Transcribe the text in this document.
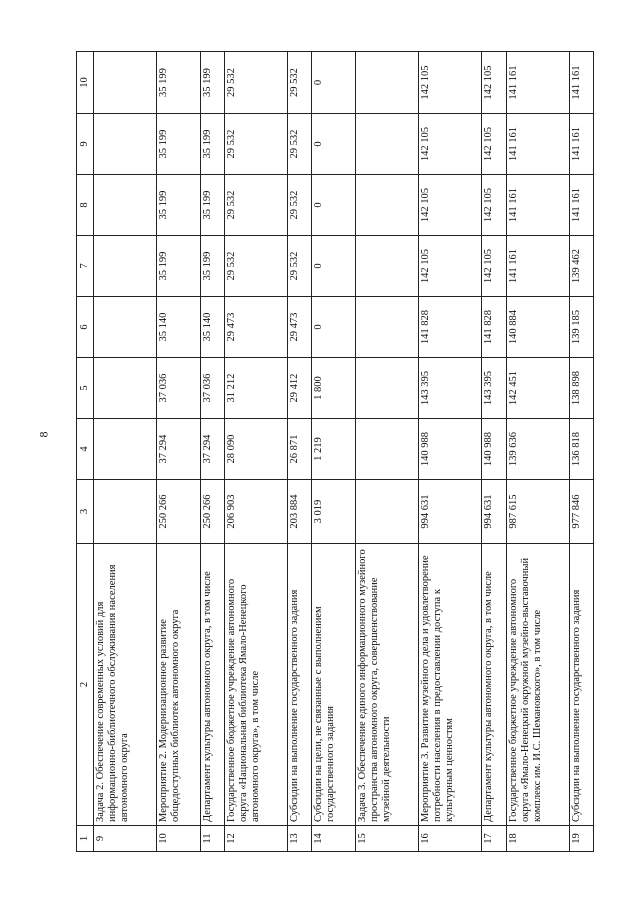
8
1	2	3	4	5	6	7	8	9	10
9	Задача 2. Обеспечение современных условий для информационно-библиотечного обслуживания населения автономного округа								
10	Мероприятие 2. Модернизационное развитие общедоступных библиотек автономного округа	250 266	37 294	37 036	35 140	35 199	35 199	35 199	35 199
11	Департамент культуры автономного округа, в том числе	250 266	37 294	37 036	35 140	35 199	35 199	35 199	35 199
12	Государственное бюджетное учреждение автономного округа «Национальная библиотека Ямало-Ненецкого автономного округа», в том числе	206 903	28 090	31 212	29 473	29 532	29 532	29 532	29 532
13	Субсидии на выполнение государственного задания	203 884	26 871	29 412	29 473	29 532	29 532	29 532	29 532
14	Субсидии на цели, не связанные с выполнением государственного задания	3 019	1 219	1 800	0	0	0	0	0
15	Задача 3. Обеспечение единого информационного музейного пространства автономного округа, совершенствование музейной деятельности								
16	Мероприятие 3. Развитие музейного дела и удовлетворение потребности населения в предоставлении доступа к культурным ценностям	994 631	140 988	143 395	141 828	142 105	142 105	142 105	142 105
17	Департамент культуры автономного округа, в том числе	994 631	140 988	143 395	141 828	142 105	142 105	142 105	142 105
18	Государственное бюджетное учреждение автономного округа «Ямало-Ненецкий окружной музейно-выставочный комплекс им. И.С. Шемановского», в том числе	987 615	139 636	142 451	140 884	141 161	141 161	141 161	141 161
19	Субсидии на выполнение государственного задания	977 846	136 818	138 898	139 185	139 462	141 161	141 161	141 161
